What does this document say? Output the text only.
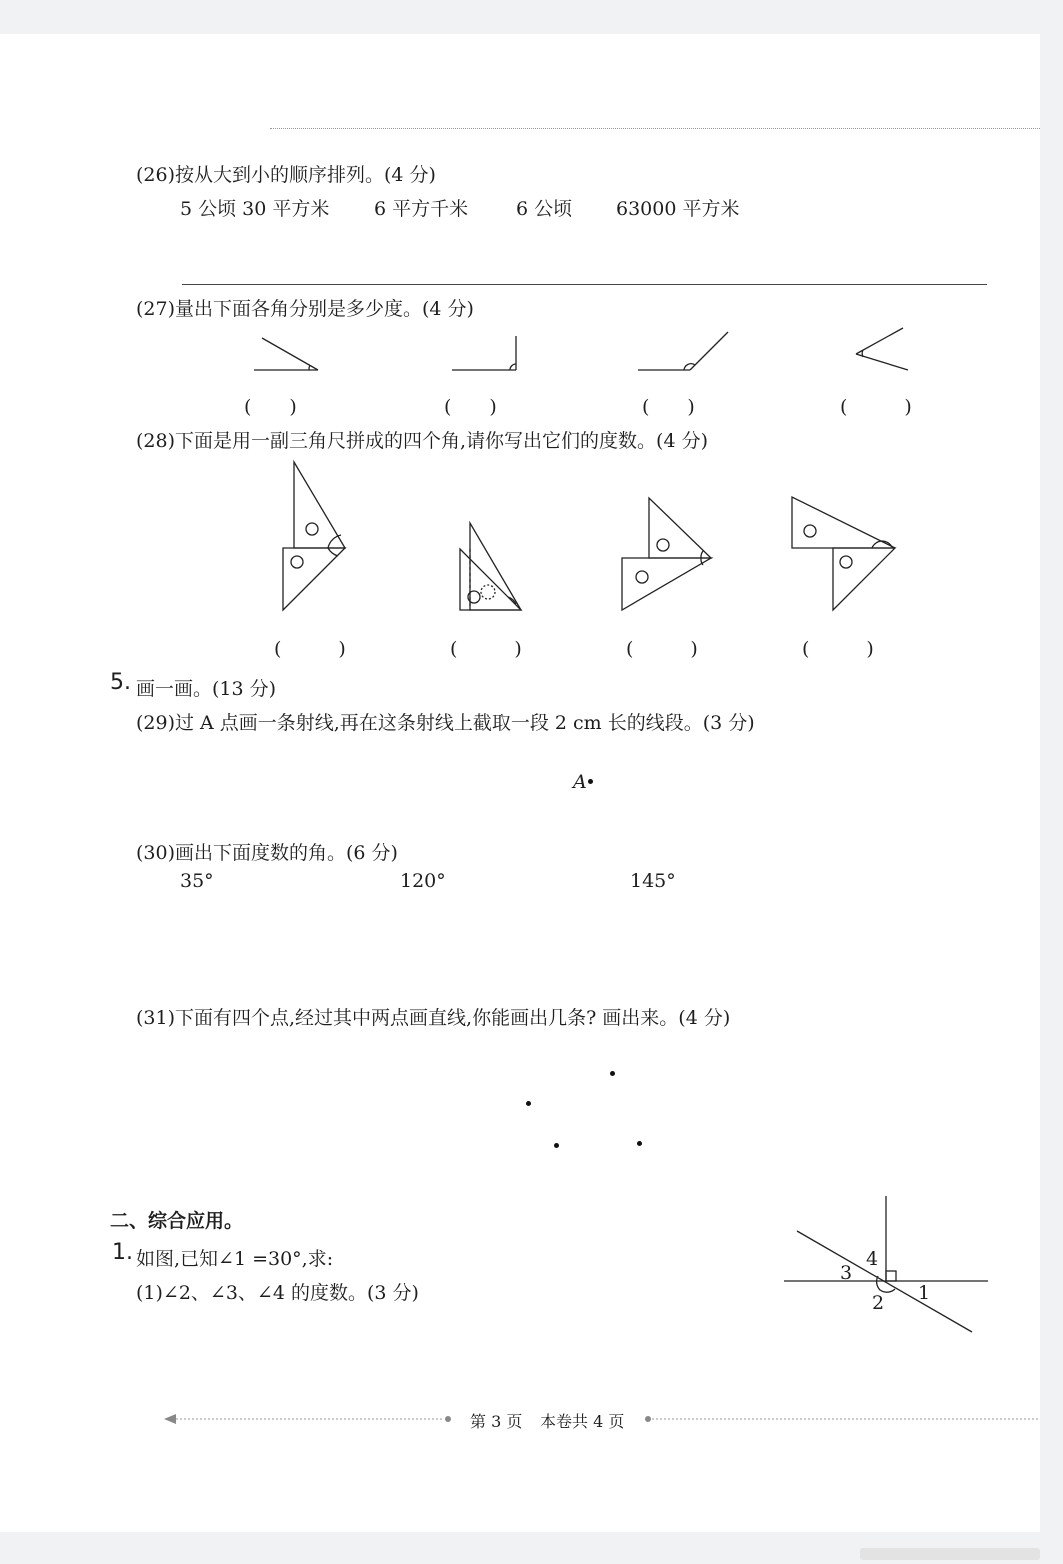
(26)按从大到小的顺序排列。(4 分)
5 公顷 30 平方米 6 平方千米	6 公顷 63000 平方米
(27)量出下面各角分别是多少度。(4 分)
(　　)	(　　)	(　　)	(　　　)
(28)下面是用一副三角尺拼成的四个角,请你写出它们的度数。(4 分)
(　　　)	(　　　)	(　　　)	(　　　)
5. 画一画。(13 分)
(29)过 A 点画一条射线,再在这条射线上截取一段 2 cm 长的线段。(3 分)
A
(30)画出下面度数的角。(6 分)
35°	120°	145°
(31)下面有四个点,经过其中两点画直线,你能画出几条? 画出来。(4 分)
二、综合应用。
1. 如图,已知∠1 =30°,求:
(1)∠2、∠3、∠4 的度数。(3 分)	1
2
3
4
第 3 页 本卷共 4 页
